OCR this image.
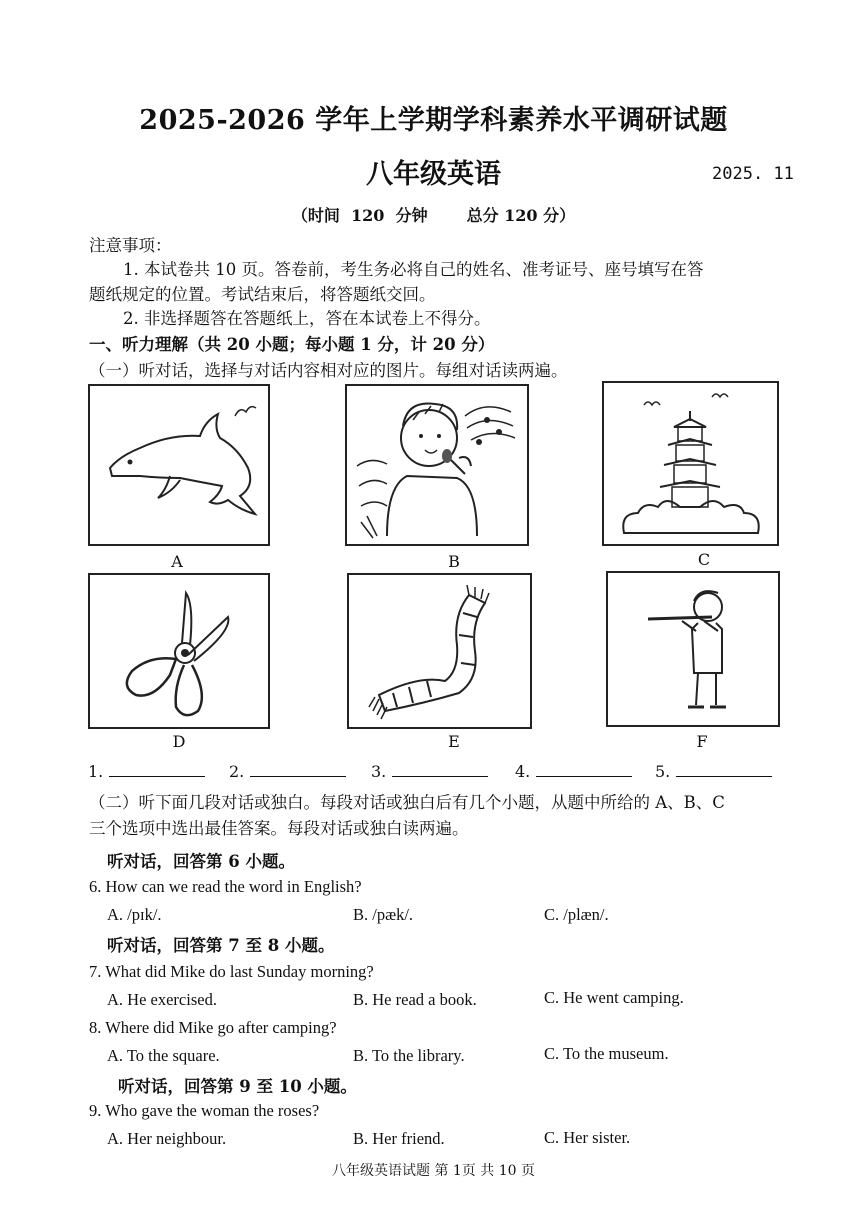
2025-2026 学年上学期学科素养水平调研试题
八年级英语	2025. 11
（时间  120  分钟       总分 120 分）
注意事项：
1. 本试卷共 10 页。答卷前，考生务必将自己的姓名、准考证号、座号填写在答
题纸规定的位置。考试结束后，将答题纸交回。
2. 非选择题答在答题纸上，答在本试卷上不得分。
一、听力理解（共 20 小题；每小题 1 分，计 20 分）
（一）听对话，选择与对话内容相对应的图片。每组对话读两遍。
A	B	C
D	E	F
1.	2.	3.	4.	5.
（二）听下面几段对话或独白。每段对话或独白后有几个小题，从题中所给的 A、B、C
三个选项中选出最佳答案。每段对话或独白读两遍。
听对话，回答第 6 小题。
6. How can we read the word in English?
A. /pɪk/.	B. /pæk/.	C. /plæn/.
听对话，回答第 7 至 8 小题。
7. What did Mike do last Sunday morning?
A. He exercised.	B. He read a book.	C. He went camping.
8. Where did Mike go after camping?
A. To the square.	B. To the library.	C. To the museum.
听对话，回答第 9 至 10 小题。
9. Who gave the woman the roses?
A. Her neighbour.	B. Her friend.	C. Her sister.
八年级英语试题 第 1页 共 10 页
